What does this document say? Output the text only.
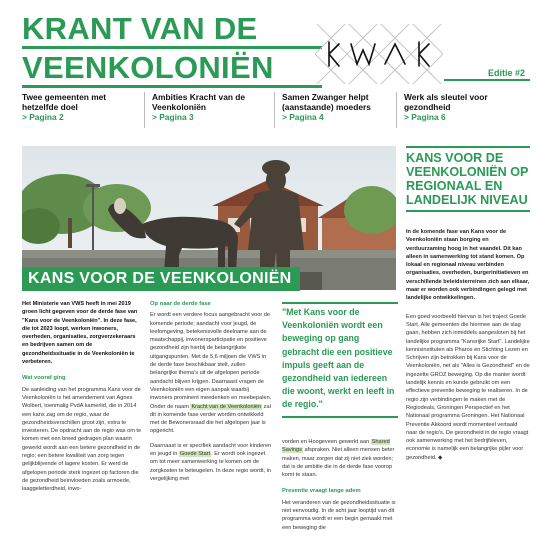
KRANT VAN DE
VEENKOLONIËN	Editie #2
Twee gemeenten met hetzelfde doel
> Pagina 2
Ambities Kracht van de Veenkoloniën
> Pagina 3
Samen Zwanger helpt (aanstaande) moeders
> Pagina 4
Werk als sleutel voor gezondheid
> Pagina 6
KANS VOOR DE VEENKOLONIËN
KANS VOOR DE VEENKOLONIËN OP REGIONAAL EN LANDELIJK NIVEAU
In de komende fase van Kans voor de Veenkoloniën staan borging en verduurzaming hoog in het vaandel. Dit kan alleen in samenwerking tot stand komen. Op lokaal en regionaal niveau verbinden organisaties, overheden, burgerinitiatieven en verschillende beleidsterreinen zich aan elkaar, maar er worden ook verbindingen gelegd met landelijke ontwikkelingen.
Een goed voorbeeld hiervan is het traject Goede Start. Alle gemeenten die hiermee aan de slag gaan, hebben zich inmiddels aangesloten bij het landelijke programma "Kansrijke Start". Landelijke kennisinstituten als Pharos en Stichting Lezen en Schrijven zijn betrokken bij Kans voor de Veenkoloniën, net als "Alles is Gezondheid" en de ingezette GROZ beweging. Op die manier wordt landelijk kennis en kunde gebruikt om een effectieve preventie beweging te realiseren. In de regio zijn verbindingen te maken met de Regiodeals, Groningen Perspectief en het Nationaal programma Groningen. Het Nationaal Preventie Akkoord wordt momenteel vertaald naar de regio's. De gezondheid in de regio vraagt ook samenwerking met het bedrijfsleven, economie is namelijk een belangrijke pijler voor gezondheid. ◆

Het Ministerie van VWS heeft in mei 2019 groen licht gegeven voor de derde fase van "Kans voor de Veenkoloniën". In deze fase, die tot 2023 loopt, werken inwoners, overheden, organisaties, zorgverzekeraars en bedrijven samen om de gezondheidssituatie in de Veenkoloniën te verbeteren.

Wat vooraf ging

De aanleiding van het programma Kans voor de Veenkoloniën is het amendement van Agnes Wolbert, toenmalig PvdA kamerlid, die in 2014 een kans zag om de regio, waar de gezondheidsverschillen groot zijn, extra te investeren. De opdracht aan de regio was om te komen met een breed gedragen plan waarin gewerkt wordt aan een betere gezondheid in de regio; een betere kwaliteit van zorg tegen gelijkblijvende of lagere kosten. Er werd de afgelopen periode sterk ingezet op factoren die de gezondheid beïnvloeden zoals armoede, laaggeletterdheid, inwo-

Op naar de derde fase

Er wordt een verdere focus aangebracht voor de komende periode; aandacht voor jeugd, de leefomgeving, betekenisvolle deelname aan de maatschappij, inwonersparticipatie en positieve gezondheid zijn hierbij de belangrijkste uitgangspunten. Met de 5,6 miljoen die VWS in de derde fase beschikbaar stelt, zullen belangrijke thema's uit de afgelopen periode aandacht blijven krijgen. Daarnaast vragen de Veenkoloniën een eigen aanpak waarbij inwoners prominent meedenken en meebepalen. Onder de naam Kracht van de Veenkoloniën zal dit in komende fase verder worden ontwikkeld met de Bewonersraad die het afgelopen jaar is opgericht.

Daarnaast is er specifiek aandacht voor kinderen en jeugd in Goede Start. Er wordt ook ingezet om tot meer samenwerking te komen om de zorgkosten te beteugelen. In deze regio wordt, in vergelijking met

"Met Kans voor de Veenkoloniën wordt een beweging op gang gebracht die een positieve impuls geeft aan de gezondheid van iedereen die woont, werkt en leeft in de regio."

vorden en Hoogeveen gewerkt aan Shared Savings afspraken. Niet alleen mensen beter maken, maar zorgen dat zij niet ziek worden; dat is de ambitie die in de derde fase voorop komt te staan.

Preventie vraagt lange adem

Het veranderen van de gezondheidssituatie is niet eenvoudig. In de acht jaar looptijd van dit programma wordt er een begin gemaakt met een beweging die
